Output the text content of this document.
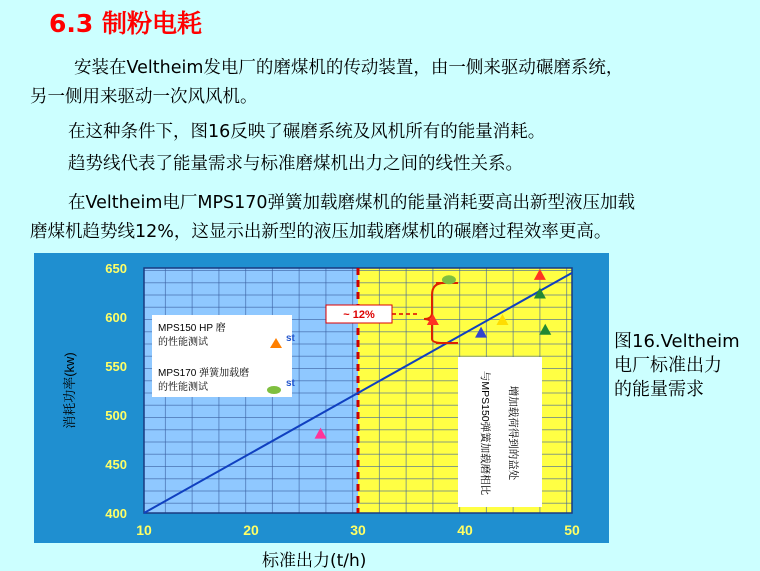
6.3 制粉电耗
安装在Veltheim发电厂的磨煤机的传动装置，由一侧来驱动碾磨系统，
另一侧用来驱动一次风风机。
在这种条件下，图16反映了碾磨系统及风机所有的能量消耗。
趋势线代表了能量需求与标准磨煤机出力之间的线性关系。
在Veltheim电厂MPS170弹簧加载磨煤机的能量消耗要高出新型液压加载
磨煤机趋势线12%，这显示出新型的液压加载磨煤机的碾磨过程效率更高。
400
450
500
550
600
650
10	20	30	40	50
消耗功率(kw)
MPS150 HP 磨
的性能测试	st
MPS170 弹簧加载磨
的性能测试	st	与MPS150弹簧加载磨相比 增加载荷得到的益处
~ 12%
标准出力(t/h)
图16.Veltheim
电厂标准出力
的能量需求
